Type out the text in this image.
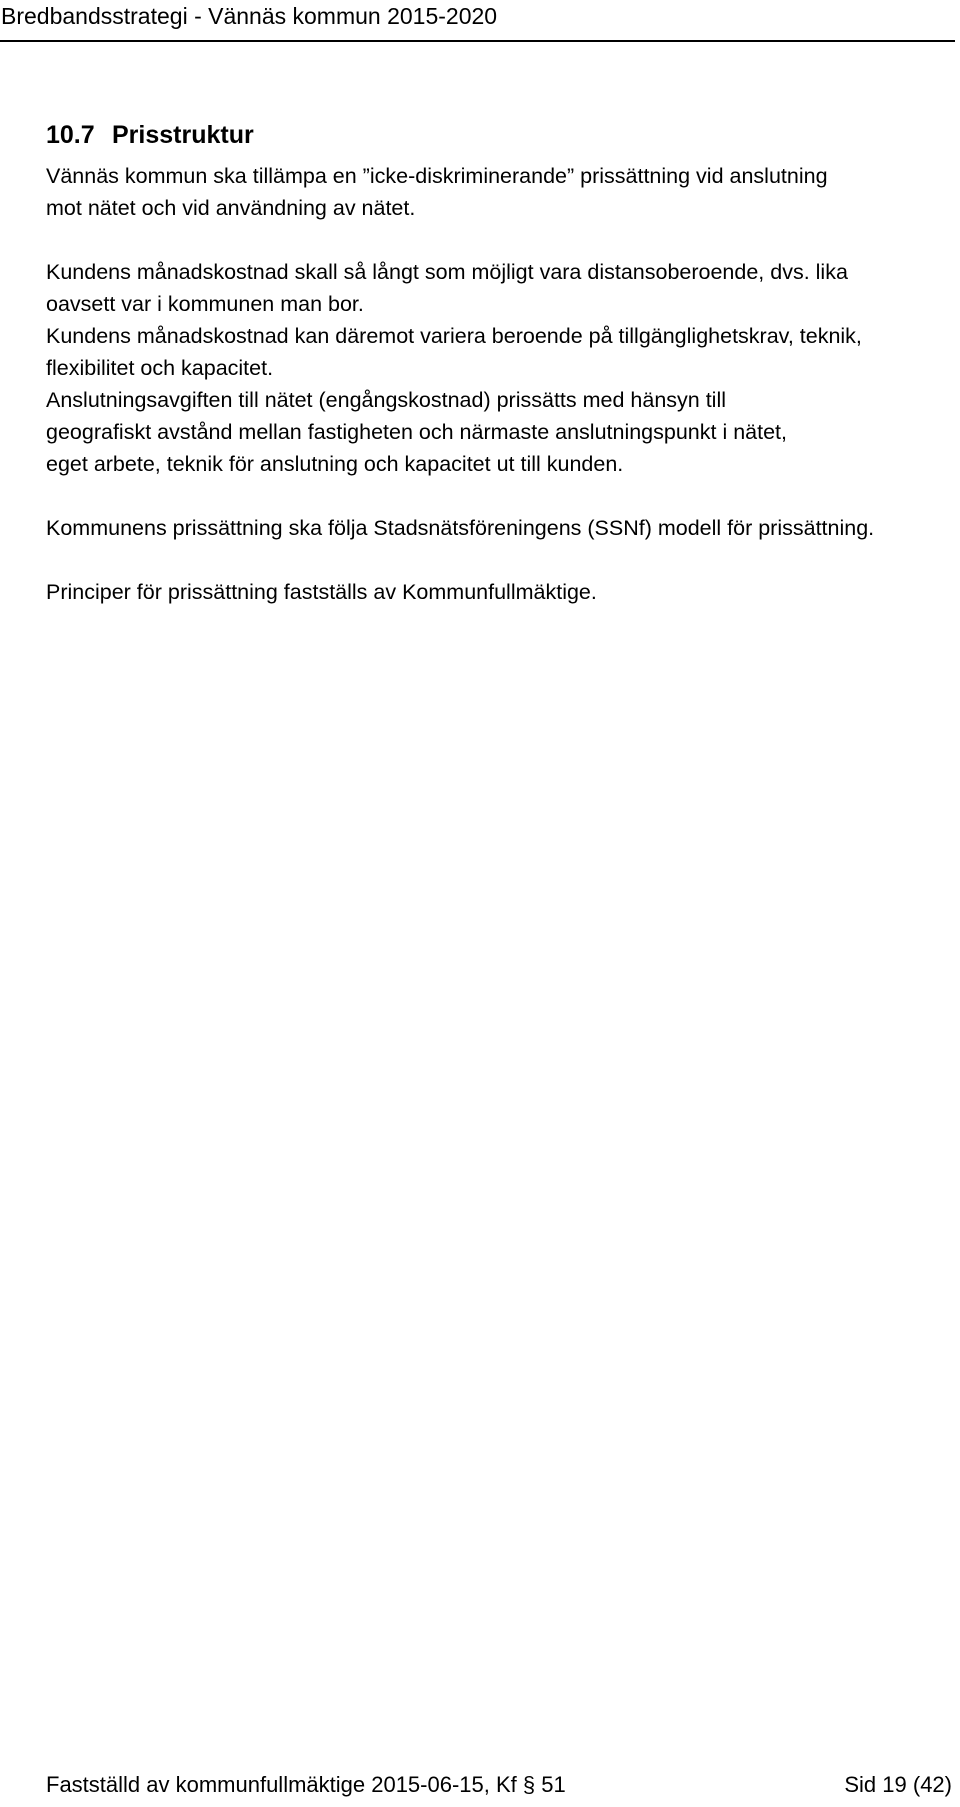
Bredbandsstrategi - Vännäs kommun 2015-2020
10.7 Prisstruktur

Vännäs kommun ska tillämpa en ”icke-diskriminerande” prissättning vid anslutning
mot nätet och vid användning av nätet.

Kundens månadskostnad skall så långt som möjligt vara distansoberoende, dvs. lika
oavsett var i kommunen man bor.
Kundens månadskostnad kan däremot variera beroende på tillgänglighetskrav, teknik,
flexibilitet och kapacitet.
Anslutningsavgiften till nätet (engångskostnad) prissätts med hänsyn till
geografiskt avstånd mellan fastigheten och närmaste anslutningspunkt i nätet,
eget arbete, teknik för anslutning och kapacitet ut till kunden.

Kommunens prissättning ska följa Stadsnätsföreningens (SSNf) modell för prissättning.

Principer för prissättning fastställs av Kommunfullmäktige.

Fastställd av kommunfullmäktige 2015-06-15, Kf § 51	Sid 19 (42)
